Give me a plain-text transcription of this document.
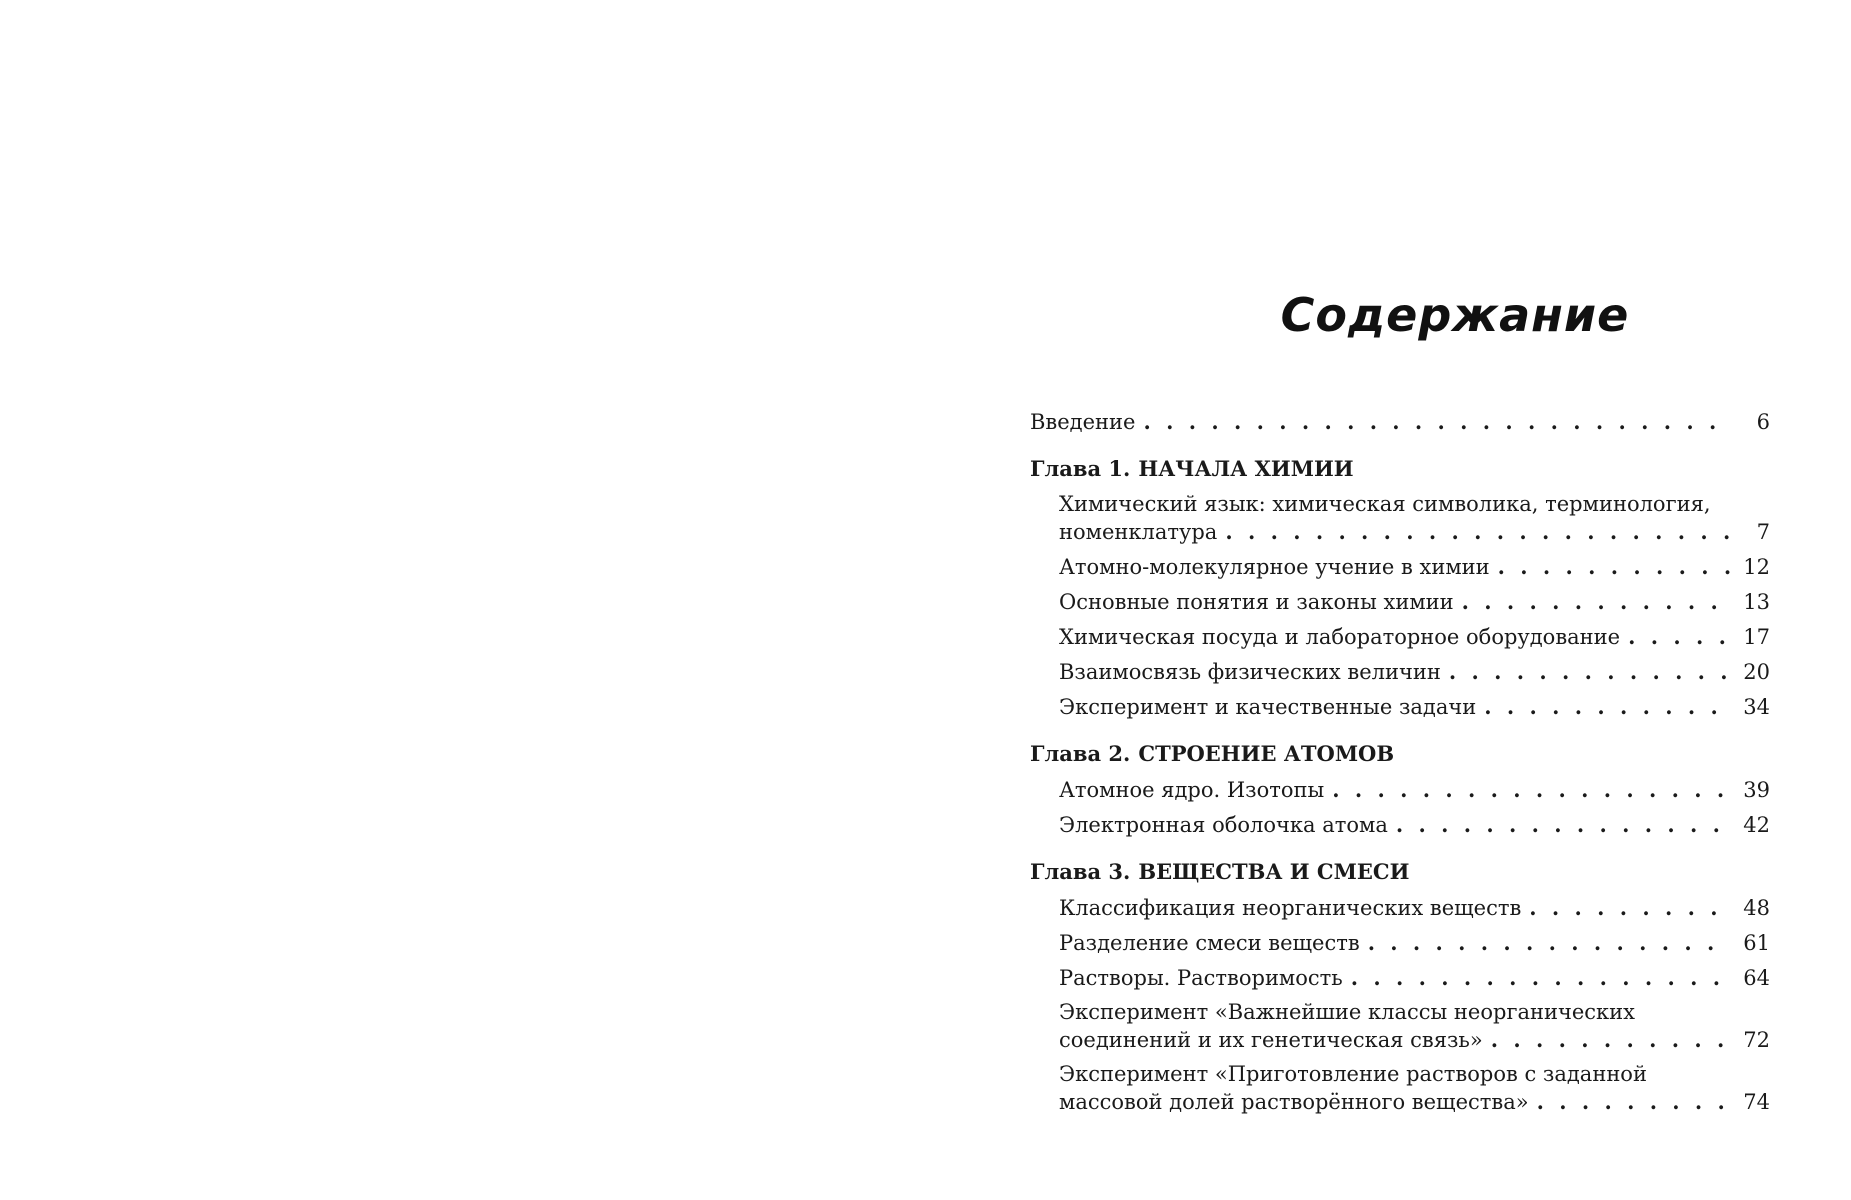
Содержание
Введение . . .	6
Глава 1. НАЧАЛА ХИМИИ
Химический язык: химическая символика, терминология,
номенклатура . . .	7
Атомно-молекулярное учение в химии . . .	12
Основные понятия и законы химии . . .	13
Химическая посуда и лабораторное оборудование . . .	17
Взаимосвязь физических величин . . .	20
Эксперимент и качественные задачи . . .	34
Глава 2. СТРОЕНИЕ АТОМОВ
Атомное ядро. Изотопы . . .	39
Электронная оболочка атома . . .	42
Глава 3. ВЕЩЕСТВА И СМЕСИ
Классификация неорганических веществ . . .	48
Разделение смеси веществ . . .	61
Растворы. Растворимость . . .	64
Эксперимент «Важнейшие классы неорганических
соединений и их генетическая связь» . . .	72
Эксперимент «Приготовление растворов с заданной
массовой долей растворённого вещества» . . .	74
